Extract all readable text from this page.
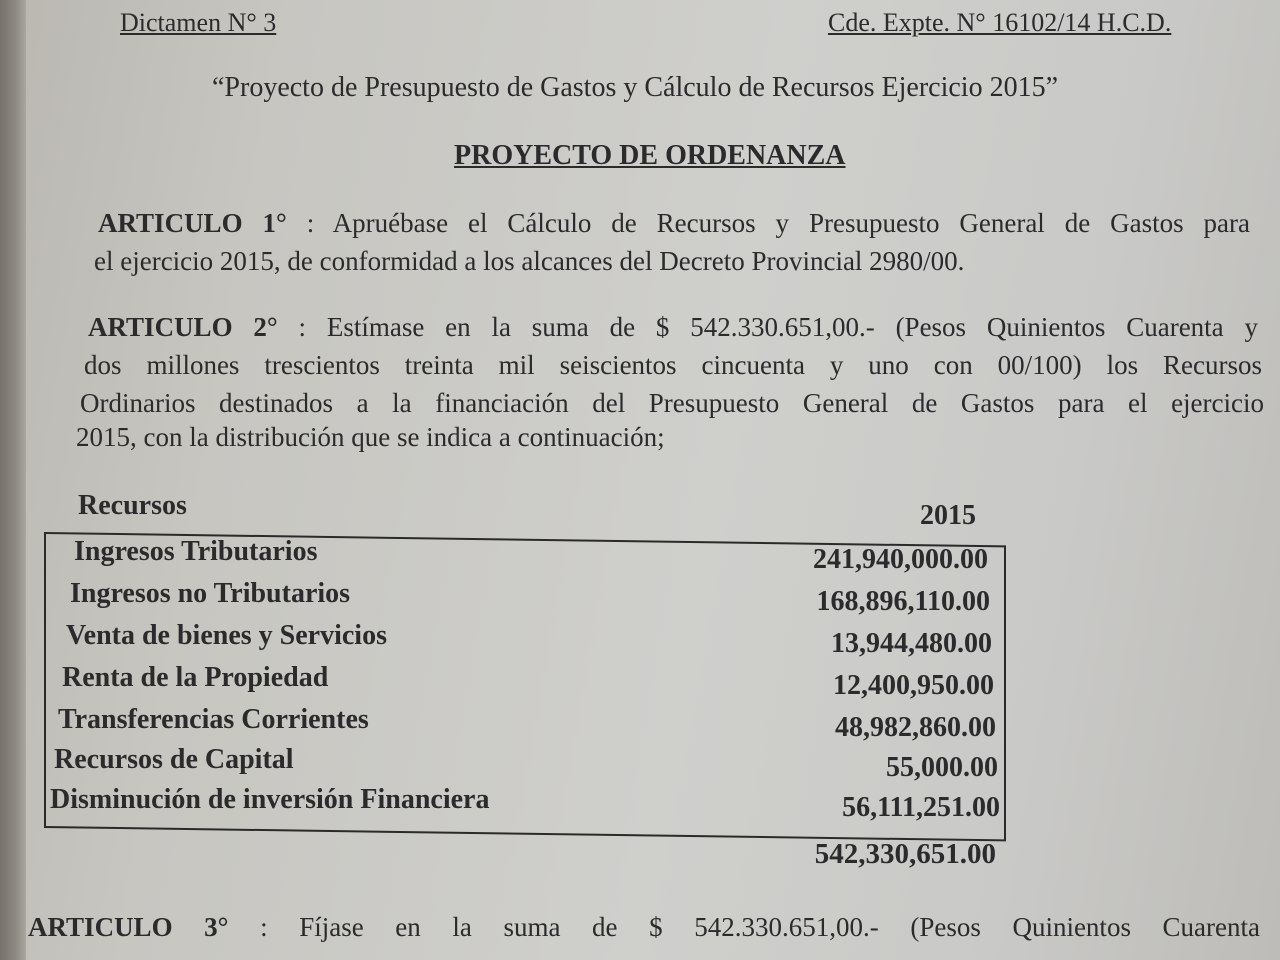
Dictamen N° 3	Cde. Expte. N° 16102/14 H.C.D.
“Proyecto de Presupuesto de Gastos y Cálculo de Recursos Ejercicio 2015”
PROYECTO DE ORDENANZA
ARTICULO 1° : Apruébase el Cálculo de Recursos y Presupuesto General de Gastos para
el ejercicio 2015, de conformidad a los alcances del Decreto Provincial 2980/00.
ARTICULO 2° : Estímase en la suma de $ 542.330.651,00.- (Pesos Quinientos Cuarenta y
dos millones trescientos treinta mil seiscientos cincuenta y uno con 00/100) los Recursos
Ordinarios destinados a la financiación del Presupuesto General de Gastos para el ejercicio
2015, con la distribución que se indica a continuación;
Recursos	2015
Ingresos Tributarios	241,940,000.00
Ingresos no Tributarios	168,896,110.00
Venta de bienes y Servicios	13,944,480.00
Renta de la Propiedad	12,400,950.00
Transferencias Corrientes	48,982,860.00
Recursos de Capital	55,000.00
Disminución de inversión Financiera	56,111,251.00
542,330,651.00
ARTICULO 3° : Fíjase en la suma de $ 542.330.651,00.- (Pesos Quinientos Cuarenta
